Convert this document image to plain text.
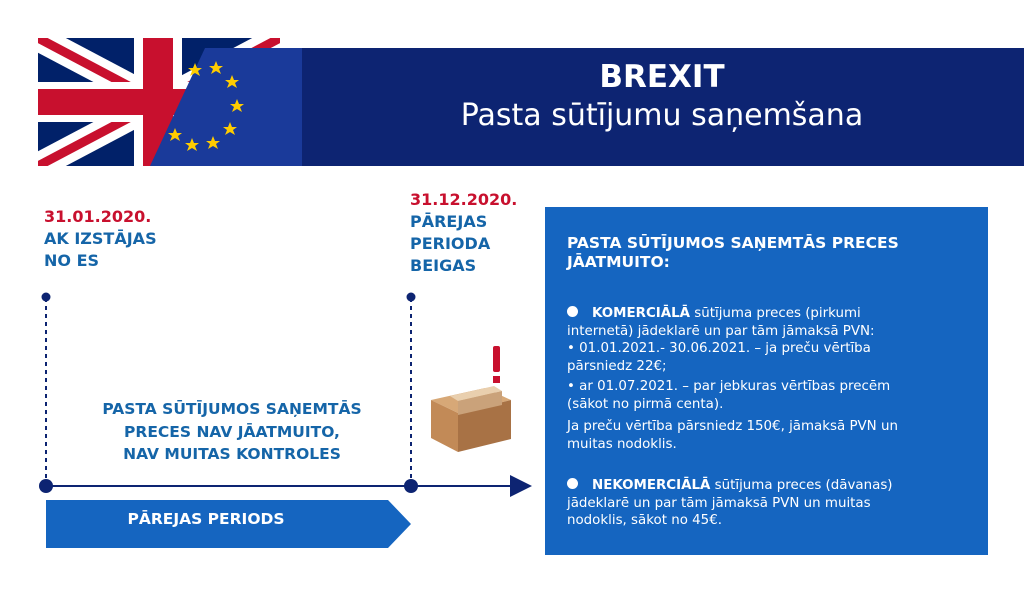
BREXIT
Pasta sūtījumu saņemšana
31.01.2020.
AK IZSTĀJAS
NO ES
31.12.2020.
PĀREJAS
PERIODA
BEIGAS
PASTA SŪTĪJUMOS SAŅEMTĀS
PRECES NAV JĀATMUITO,
NAV MUITAS KONTROLES
PĀREJAS PERIODS
PASTA SŪTĪJUMOS SAŅEMTĀS PRECES
JĀATMUITO:
KOMERCIĀLĀ sūtījuma preces (pirkumi
internetā) jādeklarē un par tām jāmaksā PVN:
• 01.01.2021.- 30.06.2021. – ja preču vērtība
pārsniedz 22€;
• ar 01.07.2021. – par jebkuras vērtības precēm
(sākot no pirmā centa).
Ja preču vērtība pārsniedz 150€, jāmaksā PVN un
muitas nodoklis.
NEKOMERCIĀLĀ sūtījuma preces (dāvanas)
jādeklarē un par tām jāmaksā PVN un muitas
nodoklis, sākot no 45€.
